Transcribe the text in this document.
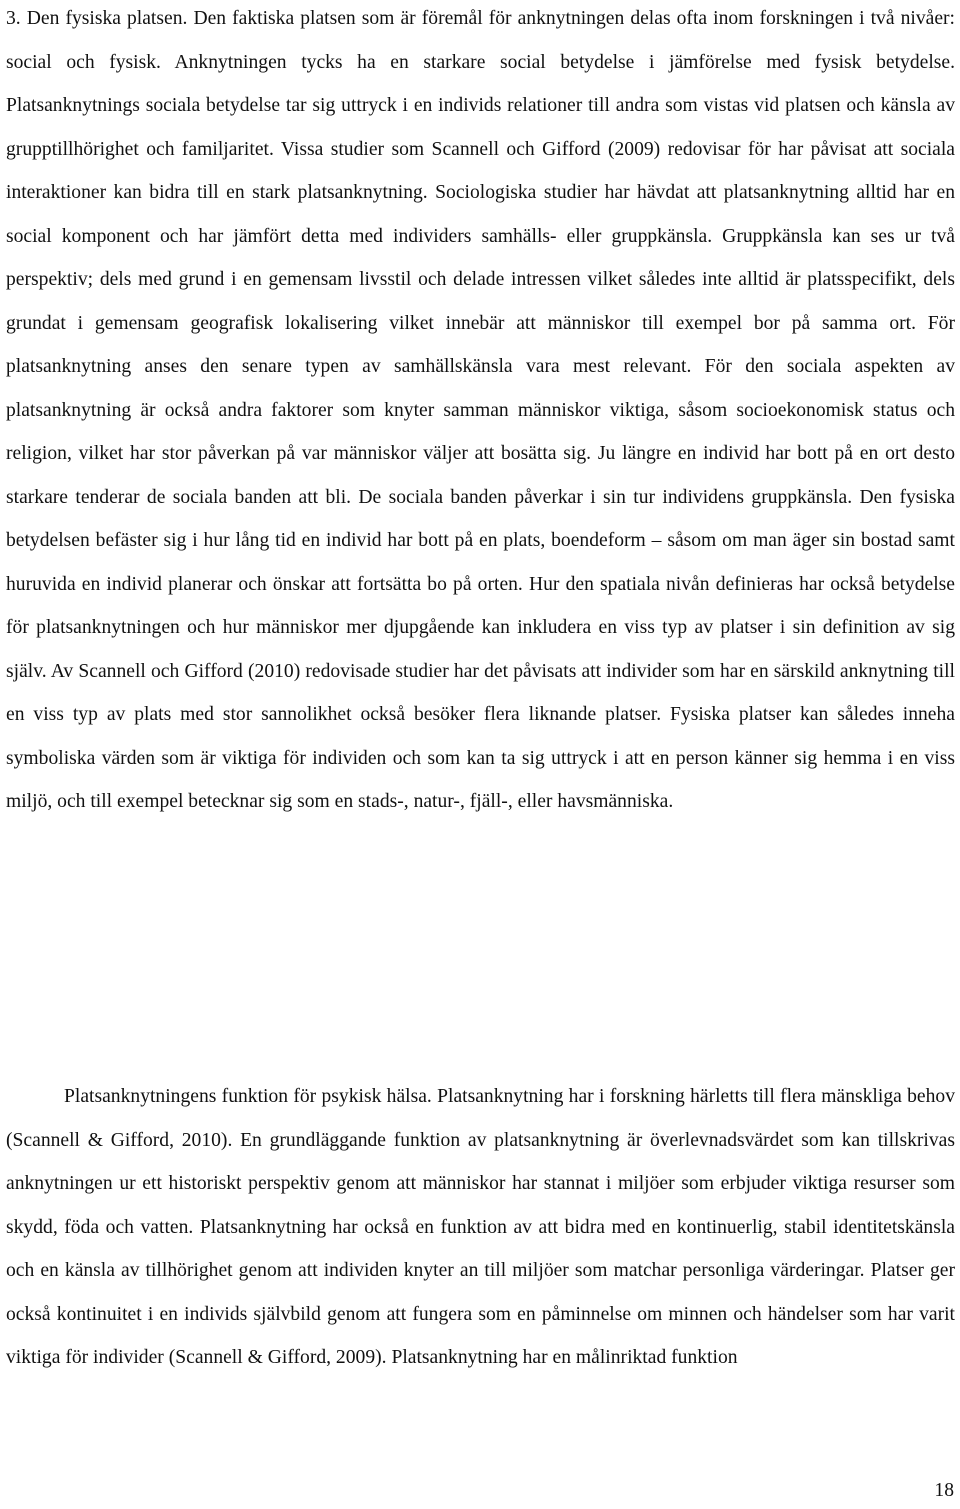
3. Den fysiska platsen. Den faktiska platsen som är föremål för anknytningen delas ofta inom forskningen i två nivåer: social och fysisk. Anknytningen tycks ha en starkare social betydelse i jämförelse med fysisk betydelse. Platsanknytnings sociala betydelse tar sig uttryck i en individs relationer till andra som vistas vid platsen och känsla av grupptillhörighet och familjaritet. Vissa studier som Scannell och Gifford (2009) redovisar för har påvisat att sociala interaktioner kan bidra till en stark platsanknytning. Sociologiska studier har hävdat att platsanknytning alltid har en social komponent och har jämfört detta med individers samhälls- eller gruppkänsla. Gruppkänsla kan ses ur två perspektiv; dels med grund i en gemensam livsstil och delade intressen vilket således inte alltid är platsspecifikt, dels grundat i gemensam geografisk lokalisering vilket innebär att människor till exempel bor på samma ort. För platsanknytning anses den senare typen av samhällskänsla vara mest relevant. För den sociala aspekten av platsanknytning är också andra faktorer som knyter samman människor viktiga, såsom socioekonomisk status och religion, vilket har stor påverkan på var människor väljer att bosätta sig. Ju längre en individ har bott på en ort desto starkare tenderar de sociala banden att bli. De sociala banden påverkar i sin tur individens gruppkänsla. Den fysiska betydelsen befäster sig i hur lång tid en individ har bott på en plats, boendeform – såsom om man äger sin bostad samt huruvida en individ planerar och önskar att fortsätta bo på orten. Hur den spatiala nivån definieras har också betydelse för platsanknytningen och hur människor mer djupgående kan inkludera en viss typ av platser i sin definition av sig själv. Av Scannell och Gifford (2010) redovisade studier har det påvisats att individer som har en särskild anknytning till en viss typ av plats med stor sannolikhet också besöker flera liknande platser. Fysiska platser kan således inneha symboliska värden som är viktiga för individen och som kan ta sig uttryck i att en person känner sig hemma i en viss miljö, och till exempel betecknar sig som en stads-, natur-, fjäll-, eller havsmänniska.

Platsanknytningens funktion för psykisk hälsa. Platsanknytning har i forskning härletts till flera mänskliga behov (Scannell & Gifford, 2010). En grundläggande funktion av platsanknytning är överlevnadsvärdet som kan tillskrivas anknytningen ur ett historiskt perspektiv genom att människor har stannat i miljöer som erbjuder viktiga resurser som skydd, föda och vatten. Platsanknytning har också en funktion av att bidra med en kontinuerlig, stabil identitetskänsla och en känsla av tillhörighet genom att individen knyter an till miljöer som matchar personliga värderingar. Platser ger också kontinuitet i en individs självbild genom att fungera som en påminnelse om minnen och händelser som har varit viktiga för individer (Scannell & Gifford, 2009). Platsanknytning har en målinriktad funktion

18
